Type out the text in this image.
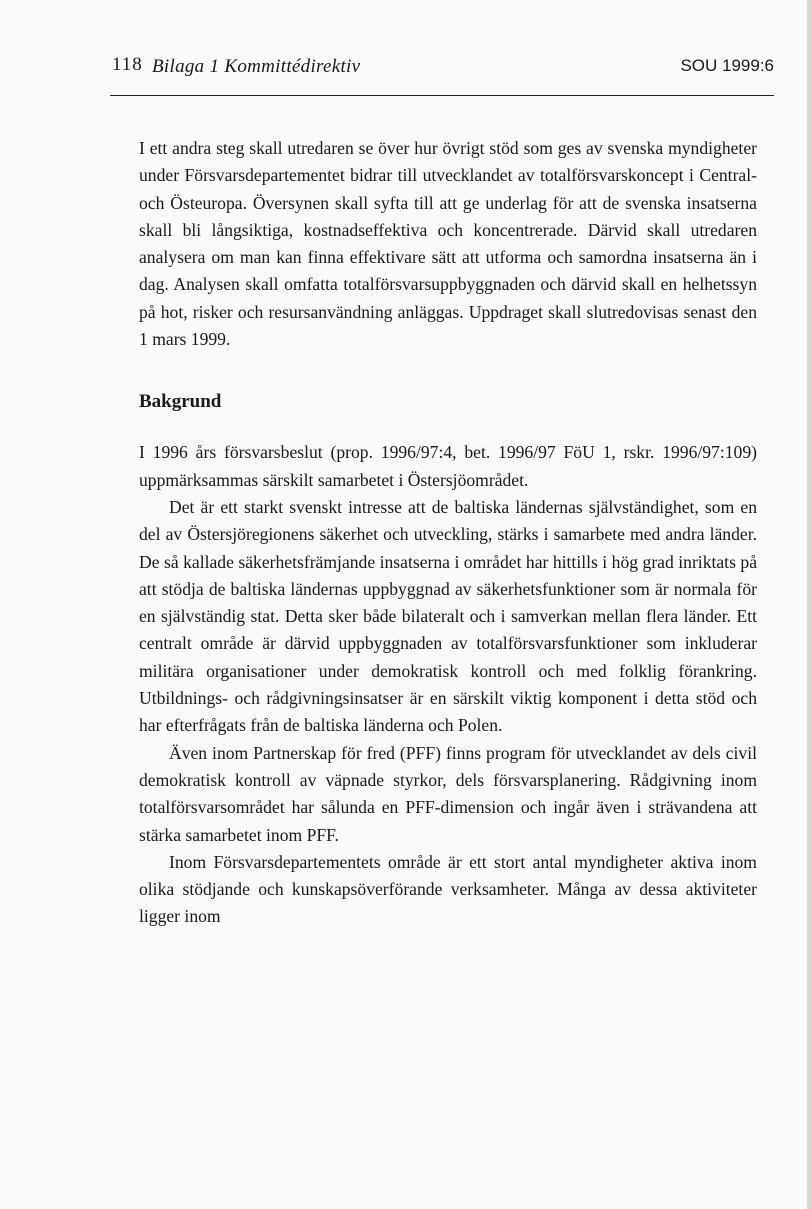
118 Bilaga 1 Kommittédirektiv	SOU 1999:6

I ett andra steg skall utredaren se över hur övrigt stöd som ges av svenska myndigheter under Försvarsdepartementet bidrar till utvecklandet av totalförsvarskoncept i Central- och Östeuropa. Översynen skall syfta till att ge underlag för att de svenska insatserna skall bli långsiktiga, kostnadseffektiva och koncentrerade. Därvid skall utredaren analysera om man kan finna effektivare sätt att utforma och samordna insatserna än i dag. Analysen skall omfatta totalförsvarsuppbyggnaden och därvid skall en helhetssyn på hot, risker och resursanvändning anläggas. Uppdraget skall slutredovisas senast den 1 mars 1999.

Bakgrund

I 1996 års försvarsbeslut (prop. 1996/97:4, bet. 1996/97 FöU 1, rskr. 1996/97:109) uppmärksammas särskilt samarbetet i Östersjöområdet.

Det är ett starkt svenskt intresse att de baltiska ländernas självständighet, som en del av Östersjöregionens säkerhet och utveckling, stärks i samarbete med andra länder. De så kallade säkerhetsfrämjande insatserna i området har hittills i hög grad inriktats på att stödja de baltiska ländernas uppbyggnad av säkerhetsfunktioner som är normala för en självständig stat. Detta sker både bilateralt och i samverkan mellan flera länder. Ett centralt område är därvid uppbyggnaden av totalförsvarsfunktioner som inkluderar militära organisationer under demokratisk kontroll och med folklig förankring. Utbildnings- och rådgivningsinsatser är en särskilt viktig komponent i detta stöd och har efterfrågats från de baltiska länderna och Polen.

Även inom Partnerskap för fred (PFF) finns program för utvecklandet av dels civil demokratisk kontroll av väpnade styrkor, dels försvarsplanering. Rådgivning inom totalförsvarsområdet har sålunda en PFF-dimension och ingår även i strävandena att stärka samarbetet inom PFF.

Inom Försvarsdepartementets område är ett stort antal myndigheter aktiva inom olika stödjande och kunskapsöverförande verksamheter. Många av dessa aktiviteter ligger inom
